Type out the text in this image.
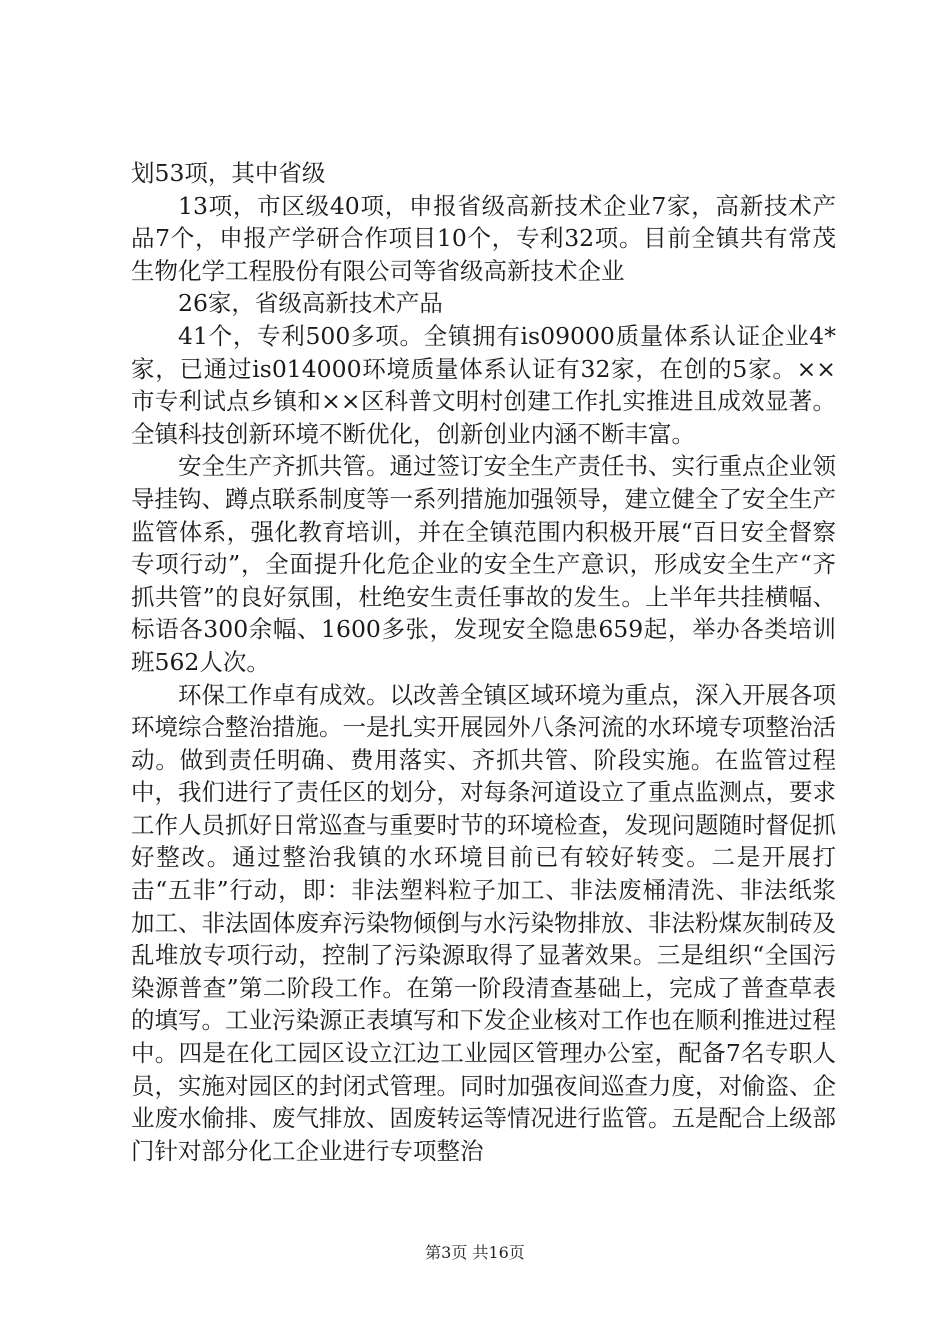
划53项，其中省级

13项，市区级40项，申报省级高新技术企业7家，高新技术产品7个，申报产学研合作项目10个，专利32项。目前全镇共有常茂生物化学工程股份有限公司等省级高新技术企业

26家，省级高新技术产品

41个，专利500多项。全镇拥有is09000质量体系认证企业4*家，已通过is014000环境质量体系认证有32家，在创的5家。××市专利试点乡镇和××区科普文明村创建工作扎实推进且成效显著。全镇科技创新环境不断优化，创新创业内涵不断丰富。

安全生产齐抓共管。通过签订安全生产责任书、实行重点企业领导挂钩、蹲点联系制度等一系列措施加强领导，建立健全了安全生产监管体系，强化教育培训，并在全镇范围内积极开展“百日安全督察专项行动”，全面提升化危企业的安全生产意识，形成安全生产“齐抓共管”的良好氛围，杜绝安生责任事故的发生。上半年共挂横幅、标语各300余幅、1600多张，发现安全隐患659起，举办各类培训班562人次。

环保工作卓有成效。以改善全镇区域环境为重点，深入开展各项环境综合整治措施。一是扎实开展园外八条河流的水环境专项整治活动。做到责任明确、费用落实、齐抓共管、阶段实施。在监管过程中，我们进行了责任区的划分，对每条河道设立了重点监测点，要求工作人员抓好日常巡查与重要时节的环境检查，发现问题随时督促抓好整改。通过整治我镇的水环境目前已有较好转变。二是开展打击“五非”行动，即：非法塑料粒子加工、非法废桶清洗、非法纸浆加工、非法固体废弃污染物倾倒与水污染物排放、非法粉煤灰制砖及乱堆放专项行动，控制了污染源取得了显著效果。三是组织“全国污染源普查”第二阶段工作。在第一阶段清查基础上，完成了普查草表的填写。工业污染源正表填写和下发企业核对工作也在顺利推进过程中。四是在化工园区设立江边工业园区管理办公室，配备7名专职人员，实施对园区的封闭式管理。同时加强夜间巡查力度，对偷盗、企业废水偷排、废气排放、固废转运等情况进行监管。五是配合上级部门针对部分化工企业进行专项整治

第3页 共16页
